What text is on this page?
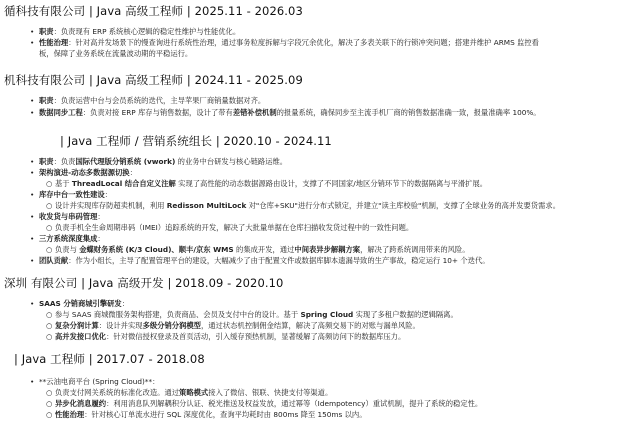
循科技有限公司 | Java 高级工程师 | 2025.11 - 2026.03
• 职责：负责现有 ERP 系统核心逻辑的稳定性维护与性能优化。
• 性能治理：针对高并发场景下的慢查询进行系统性治理，通过事务粒度拆解与字段冗余优化，解决了多表关联下的行锁冲突问题；搭建并维护 ARMS 监控看
板，保障了业务系统在流量波动期的平稳运行。
机科技有限公司 | Java 高级工程师 | 2024.11 - 2025.09
• 职责：负责运营中台与会员系统的迭代，主导苹果厂商销量数据对齐。
• 数据同步工程：负责对接 ERP 库存与销售数据，设计了带有差错补偿机制的报量系统，确保同步至主流手机厂商的销售数据准确一致，报量准确率 100%。
| Java 工程师 / 营销系统组长 | 2020.10 - 2024.11
• 职责：负责国际代理版分销系统 (vwork) 的业务中台研发与核心链路运维。
• 架构演进-动态多数据源切换：
○ 基于 ThreadLocal 结合自定义注解 实现了高性能的动态数据源路由设计，支撑了不同国家/地区分销环节下的数据隔离与平滑扩展。
• 库存中台一致性建设：
○ 设计并实现库存防超卖机制，利用 Redisson MultiLock 对"仓库+SKU"进行分布式锁定，并建立"读主库校验"机制，支撑了全球业务的高并发要货需求。
• 收发货与串码管理：
○ 负责手机全生命周期串码（IMEI）追踪系统的开发，解决了大批量单据在仓库扫描收发货过程中的一致性问题。
• 三方系统深度集成：
○ 负责与 金蝶财务系统 (K/3 Cloud)、顺丰/京东 WMS 的集成开发，通过中间表异步解耦方案，解决了跨系统调用带来的风险。
• 团队贡献：作为小组长，主导了配置管理平台的建设，大幅减少了由于配置文件或数据库脚本遗漏导致的生产事故，稳定运行 10+ 个迭代。
深圳 有限公司 | Java 高级开发 | 2018.09 - 2020.10
• SAAS 分销商城引擎研发：
○ 参与 SAAS 商城微服务架构搭建，负责商品、会员及支付中台的设计。基于 Spring Cloud 实现了多租户数据的逻辑隔离。
○ 复杂分润计算：设计并实现多级分销分润模型，通过状态机控制佣金结算，解决了高频交易下的对账与漏单风险。
○ 高并发接口优化：针对微信授权登录及首页活动，引入缓存预热机制，显著缓解了高频访问下的数据库压力。
| Java 工程师 | 2017.07 - 2018.08
• **云油电商平台 (Spring Cloud)**：
○ 负责支付网关系统的标准化改造。通过策略模式接入了微信、银联、快捷支付等渠道。
○ 异步化消息履约：利用消息队列解耦积分认证、税光推送及权益发放，通过幂等（Idempotency）重试机制，提升了系统的稳定性。
○ 性能治理：针对核心订单流水进行 SQL 深度优化，查询平均耗时由 800ms 降至 150ms 以内。
